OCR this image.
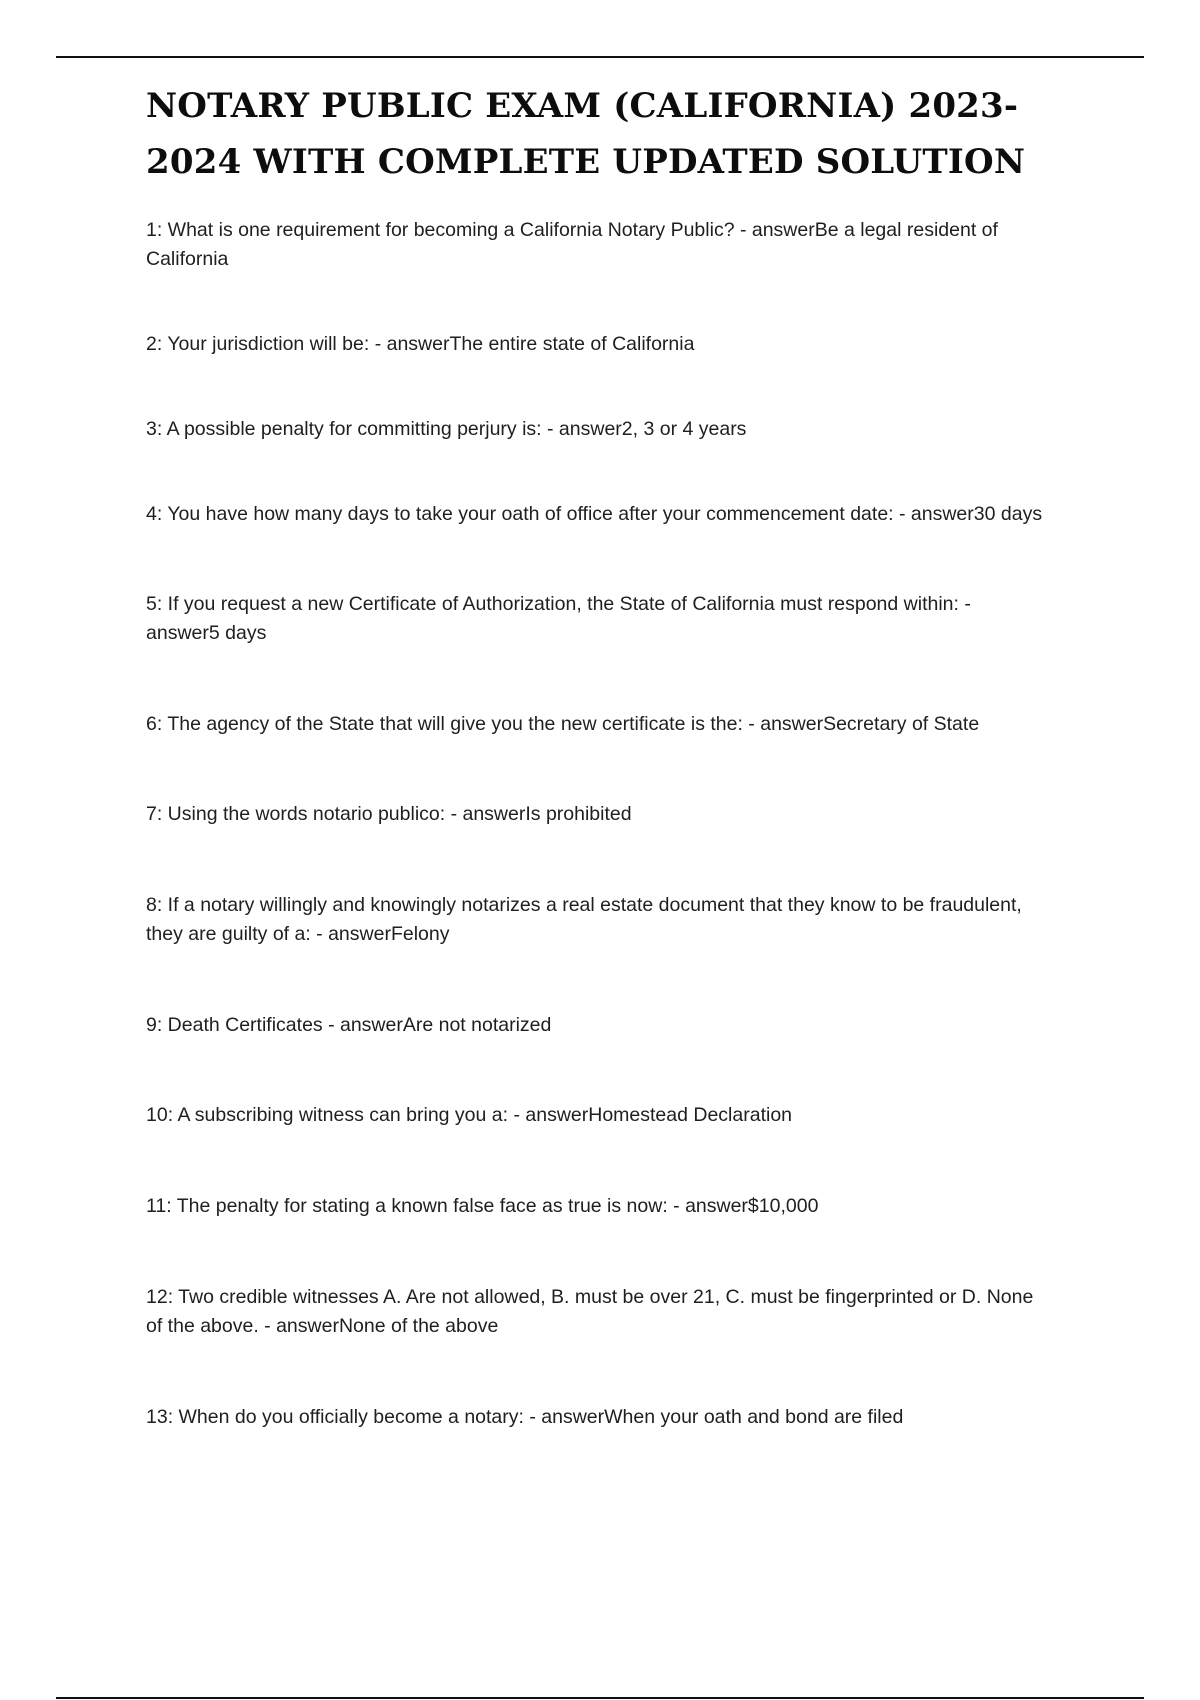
NOTARY PUBLIC EXAM (CALIFORNIA) 2023-2024 WITH COMPLETE UPDATED SOLUTION
1: What is one requirement for becoming a California Notary Public? - answerBe a legal resident of California
2: Your jurisdiction will be: - answerThe entire state of California
3: A possible penalty for committing perjury is: - answer2, 3 or 4 years
4: You have how many days to take your oath of office after your commencement date: - answer30 days
5: If you request a new Certificate of Authorization, the State of California must respond within: - answer5 days
6: The agency of the State that will give you the new certificate is the: - answerSecretary of State
7: Using the words notario publico: - answerIs prohibited
8: If a notary willingly and knowingly notarizes a real estate document that they know to be fraudulent, they are guilty of a: - answerFelony
9: Death Certificates - answerAre not notarized
10: A subscribing witness can bring you a: - answerHomestead Declaration
11: The penalty for stating a known false face as true is now: - answer$10,000
12: Two credible witnesses A. Are not allowed, B. must be over 21, C. must be fingerprinted or D. None of the above. - answerNone of the above
13: When do you officially become a notary: - answerWhen your oath and bond are filed
